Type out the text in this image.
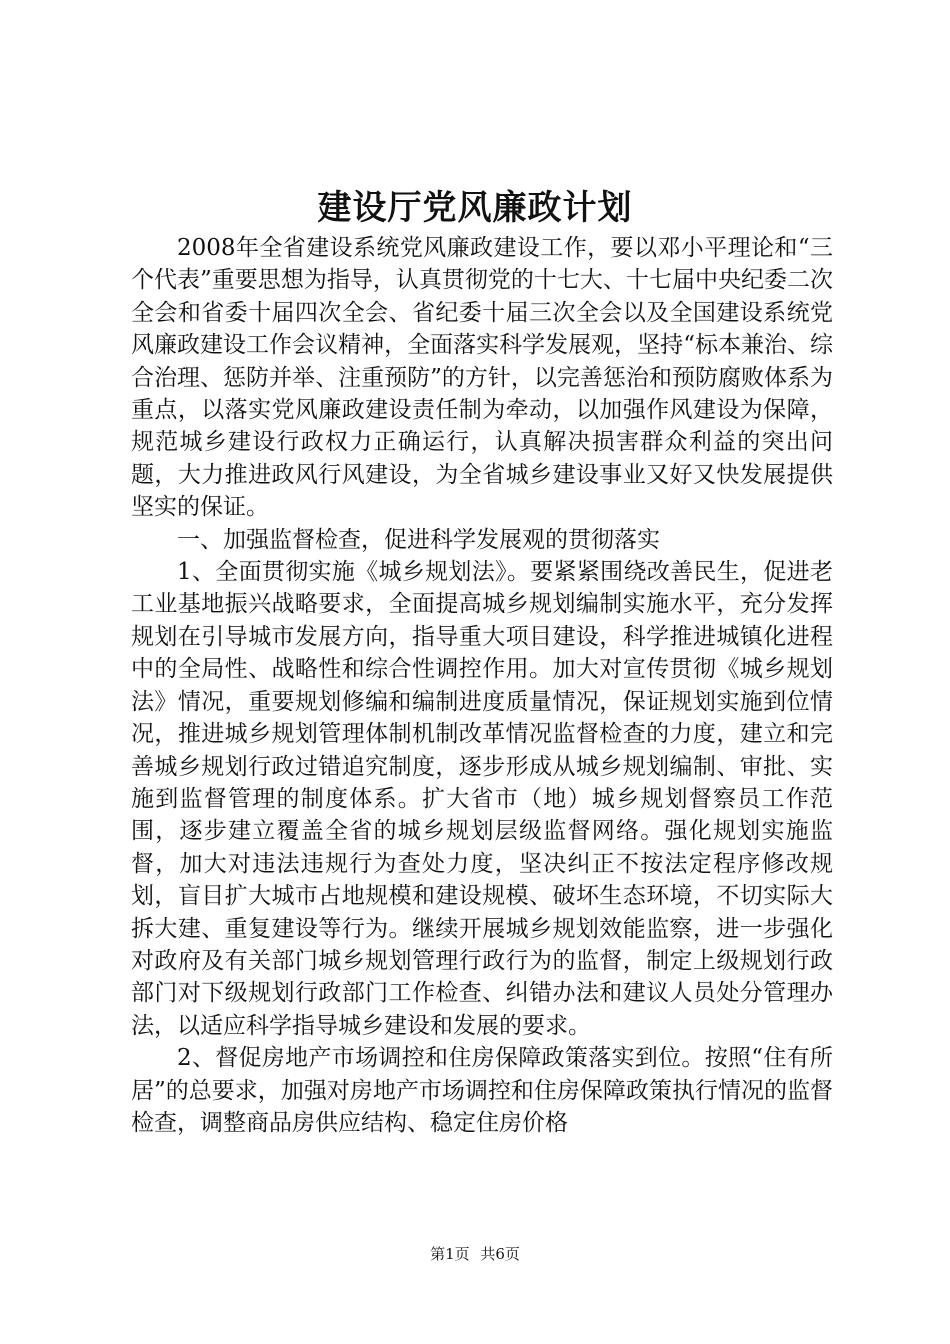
建设厅党风廉政计划

2008年全省建设系统党风廉政建设工作，要以邓小平理论和“三个代表”重要思想为指导，认真贯彻党的十七大、十七届中央纪委二次全会和省委十届四次全会、省纪委十届三次全会以及全国建设系统党风廉政建设工作会议精神，全面落实科学发展观，坚持“标本兼治、综合治理、惩防并举、注重预防”的方针，以完善惩治和预防腐败体系为重点，以落实党风廉政建设责任制为牵动，以加强作风建设为保障，规范城乡建设行政权力正确运行，认真解决损害群众利益的突出问题，大力推进政风行风建设，为全省城乡建设事业又好又快发展提供坚实的保证。

一、加强监督检查，促进科学发展观的贯彻落实

1、全面贯彻实施《城乡规划法》。要紧紧围绕改善民生，促进老工业基地振兴战略要求，全面提高城乡规划编制实施水平，充分发挥规划在引导城市发展方向，指导重大项目建设，科学推进城镇化进程中的全局性、战略性和综合性调控作用。加大对宣传贯彻《城乡规划法》情况，重要规划修编和编制进度质量情况，保证规划实施到位情况，推进城乡规划管理体制机制改革情况监督检查的力度，建立和完善城乡规划行政过错追究制度，逐步形成从城乡规划编制、审批、实施到监督管理的制度体系。扩大省市（地）城乡规划督察员工作范围，逐步建立覆盖全省的城乡规划层级监督网络。强化规划实施监督，加大对违法违规行为查处力度，坚决纠正不按法定程序修改规划，盲目扩大城市占地规模和建设规模、破坏生态环境，不切实际大拆大建、重复建设等行为。继续开展城乡规划效能监察，进一步强化对政府及有关部门城乡规划管理行政行为的监督，制定上级规划行政部门对下级规划行政部门工作检查、纠错办法和建议人员处分管理办法，以适应科学指导城乡建设和发展的要求。

2、督促房地产市场调控和住房保障政策落实到位。按照“住有所居”的总要求，加强对房地产市场调控和住房保障政策执行情况的监督检查，调整商品房供应结构、稳定住房价格

第1页 共6页
